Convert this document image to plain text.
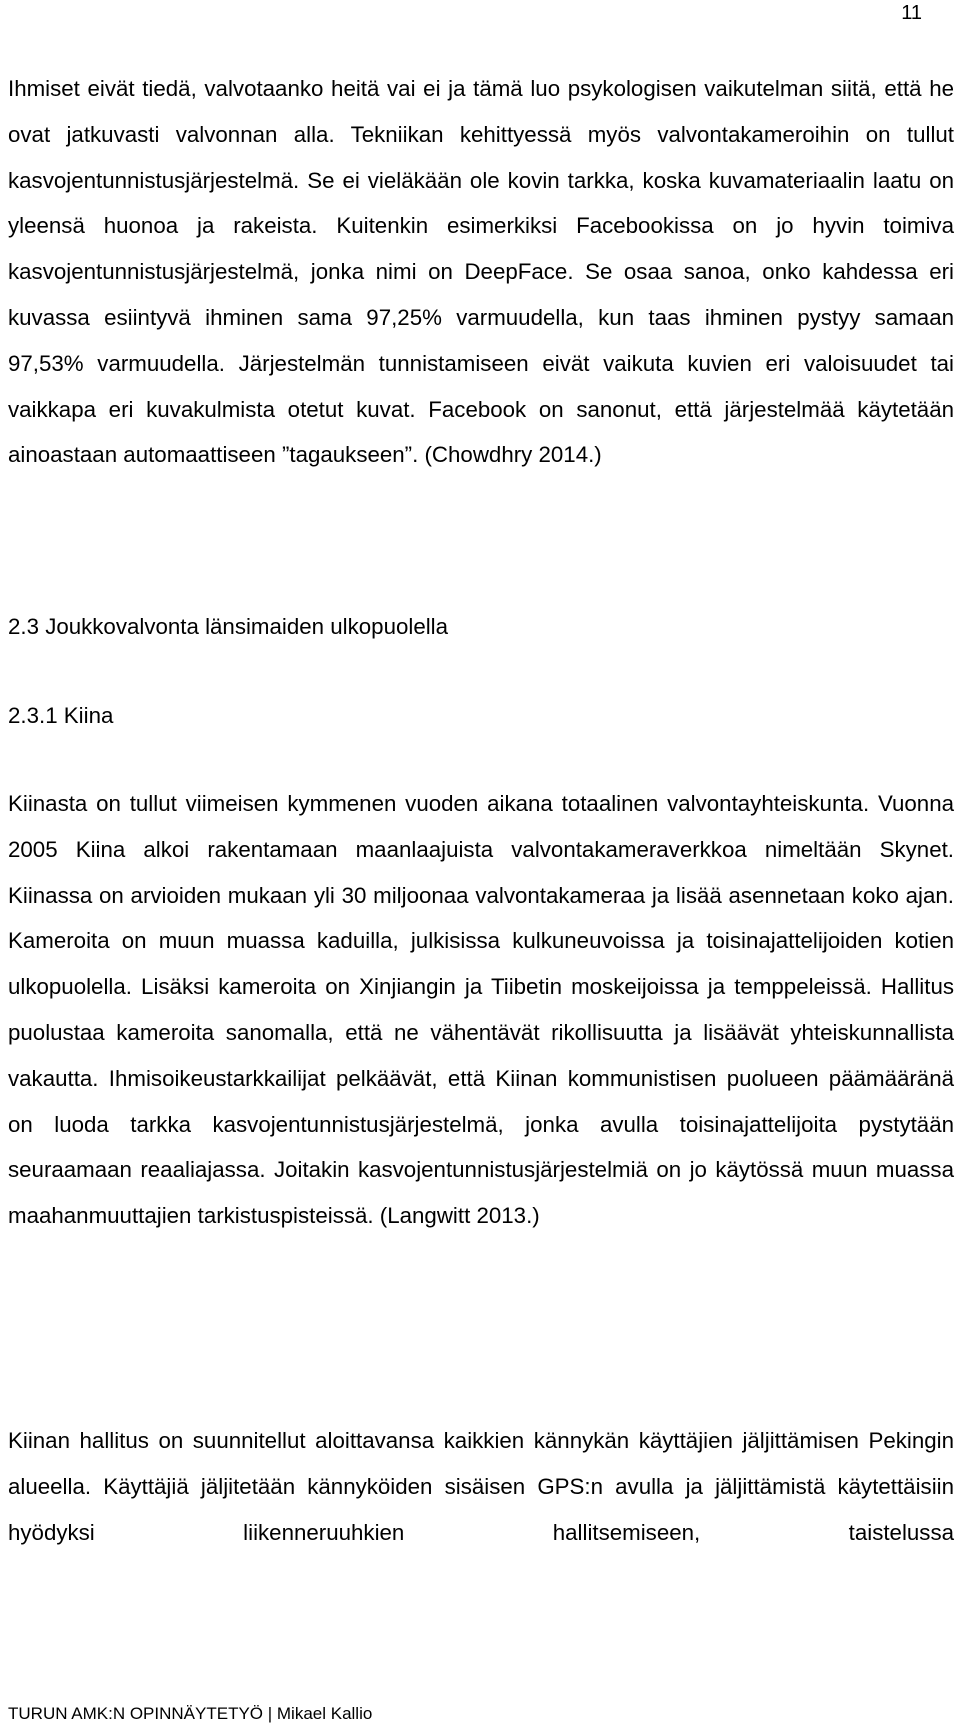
11

Ihmiset eivät tiedä, valvotaanko heitä vai ei ja tämä luo psykologisen vaikutelman siitä, että he ovat jatkuvasti valvonnan alla. Tekniikan kehittyessä myös valvontakameroihin on tullut kasvojentunnistusjärjestelmä. Se ei vieläkään ole kovin tarkka, koska kuvamateriaalin laatu on yleensä huonoa ja rakeista. Kuitenkin esimerkiksi Facebookissa on jo hyvin toimiva kasvojentunnistusjärjestelmä, jonka nimi on DeepFace. Se osaa sanoa, onko kahdessa eri kuvassa esiintyvä ihminen sama 97,25% varmuudella, kun taas ihminen pystyy samaan 97,53% varmuudella. Järjestelmän tunnistamiseen eivät vaikuta kuvien eri valoisuudet tai vaikkapa eri kuvakulmista otetut kuvat. Facebook on sanonut, että järjestelmää käytetään ainoastaan automaattiseen ”tagaukseen”. (Chowdhry 2014.)

2.3 Joukkovalvonta länsimaiden ulkopuolella
2.3.1 Kiina

Kiinasta on tullut viimeisen kymmenen vuoden aikana totaalinen valvontayhteiskunta. Vuonna 2005 Kiina alkoi rakentamaan maanlaajuista valvontakameraverkkoa nimeltään Skynet. Kiinassa on arvioiden mukaan yli 30 miljoonaa valvontakameraa ja lisää asennetaan koko ajan. Kameroita on muun muassa kaduilla, julkisissa kulkuneuvoissa ja toisinajattelijoiden kotien ulkopuolella. Lisäksi kameroita on Xinjiangin ja Tiibetin moskeijoissa ja temppeleissä. Hallitus puolustaa kameroita sanomalla, että ne vähentävät rikollisuutta ja lisäävät yhteiskunnallista vakautta. Ihmisoikeustarkkailijat pelkäävät, että Kiinan kommunistisen puolueen päämääränä on luoda tarkka kasvojentunnistusjärjestelmä, jonka avulla toisinajattelijoita pystytään seuraamaan reaaliajassa. Joitakin kasvojentunnistusjärjestelmiä on jo käytössä muun muassa maahanmuuttajien tarkistuspisteissä. (Langwitt 2013.)

Kiinan hallitus on suunnitellut aloittavansa kaikkien kännykän käyttäjien jäljittämisen Pekingin alueella. Käyttäjiä jäljitetään kännyköiden sisäisen GPS:n avulla ja jäljittämistä käytettäisiin hyödyksi liikenneruuhkien hallitsemiseen, taistelussa

TURUN AMK:N OPINNÄYTETYÖ | Mikael Kallio
